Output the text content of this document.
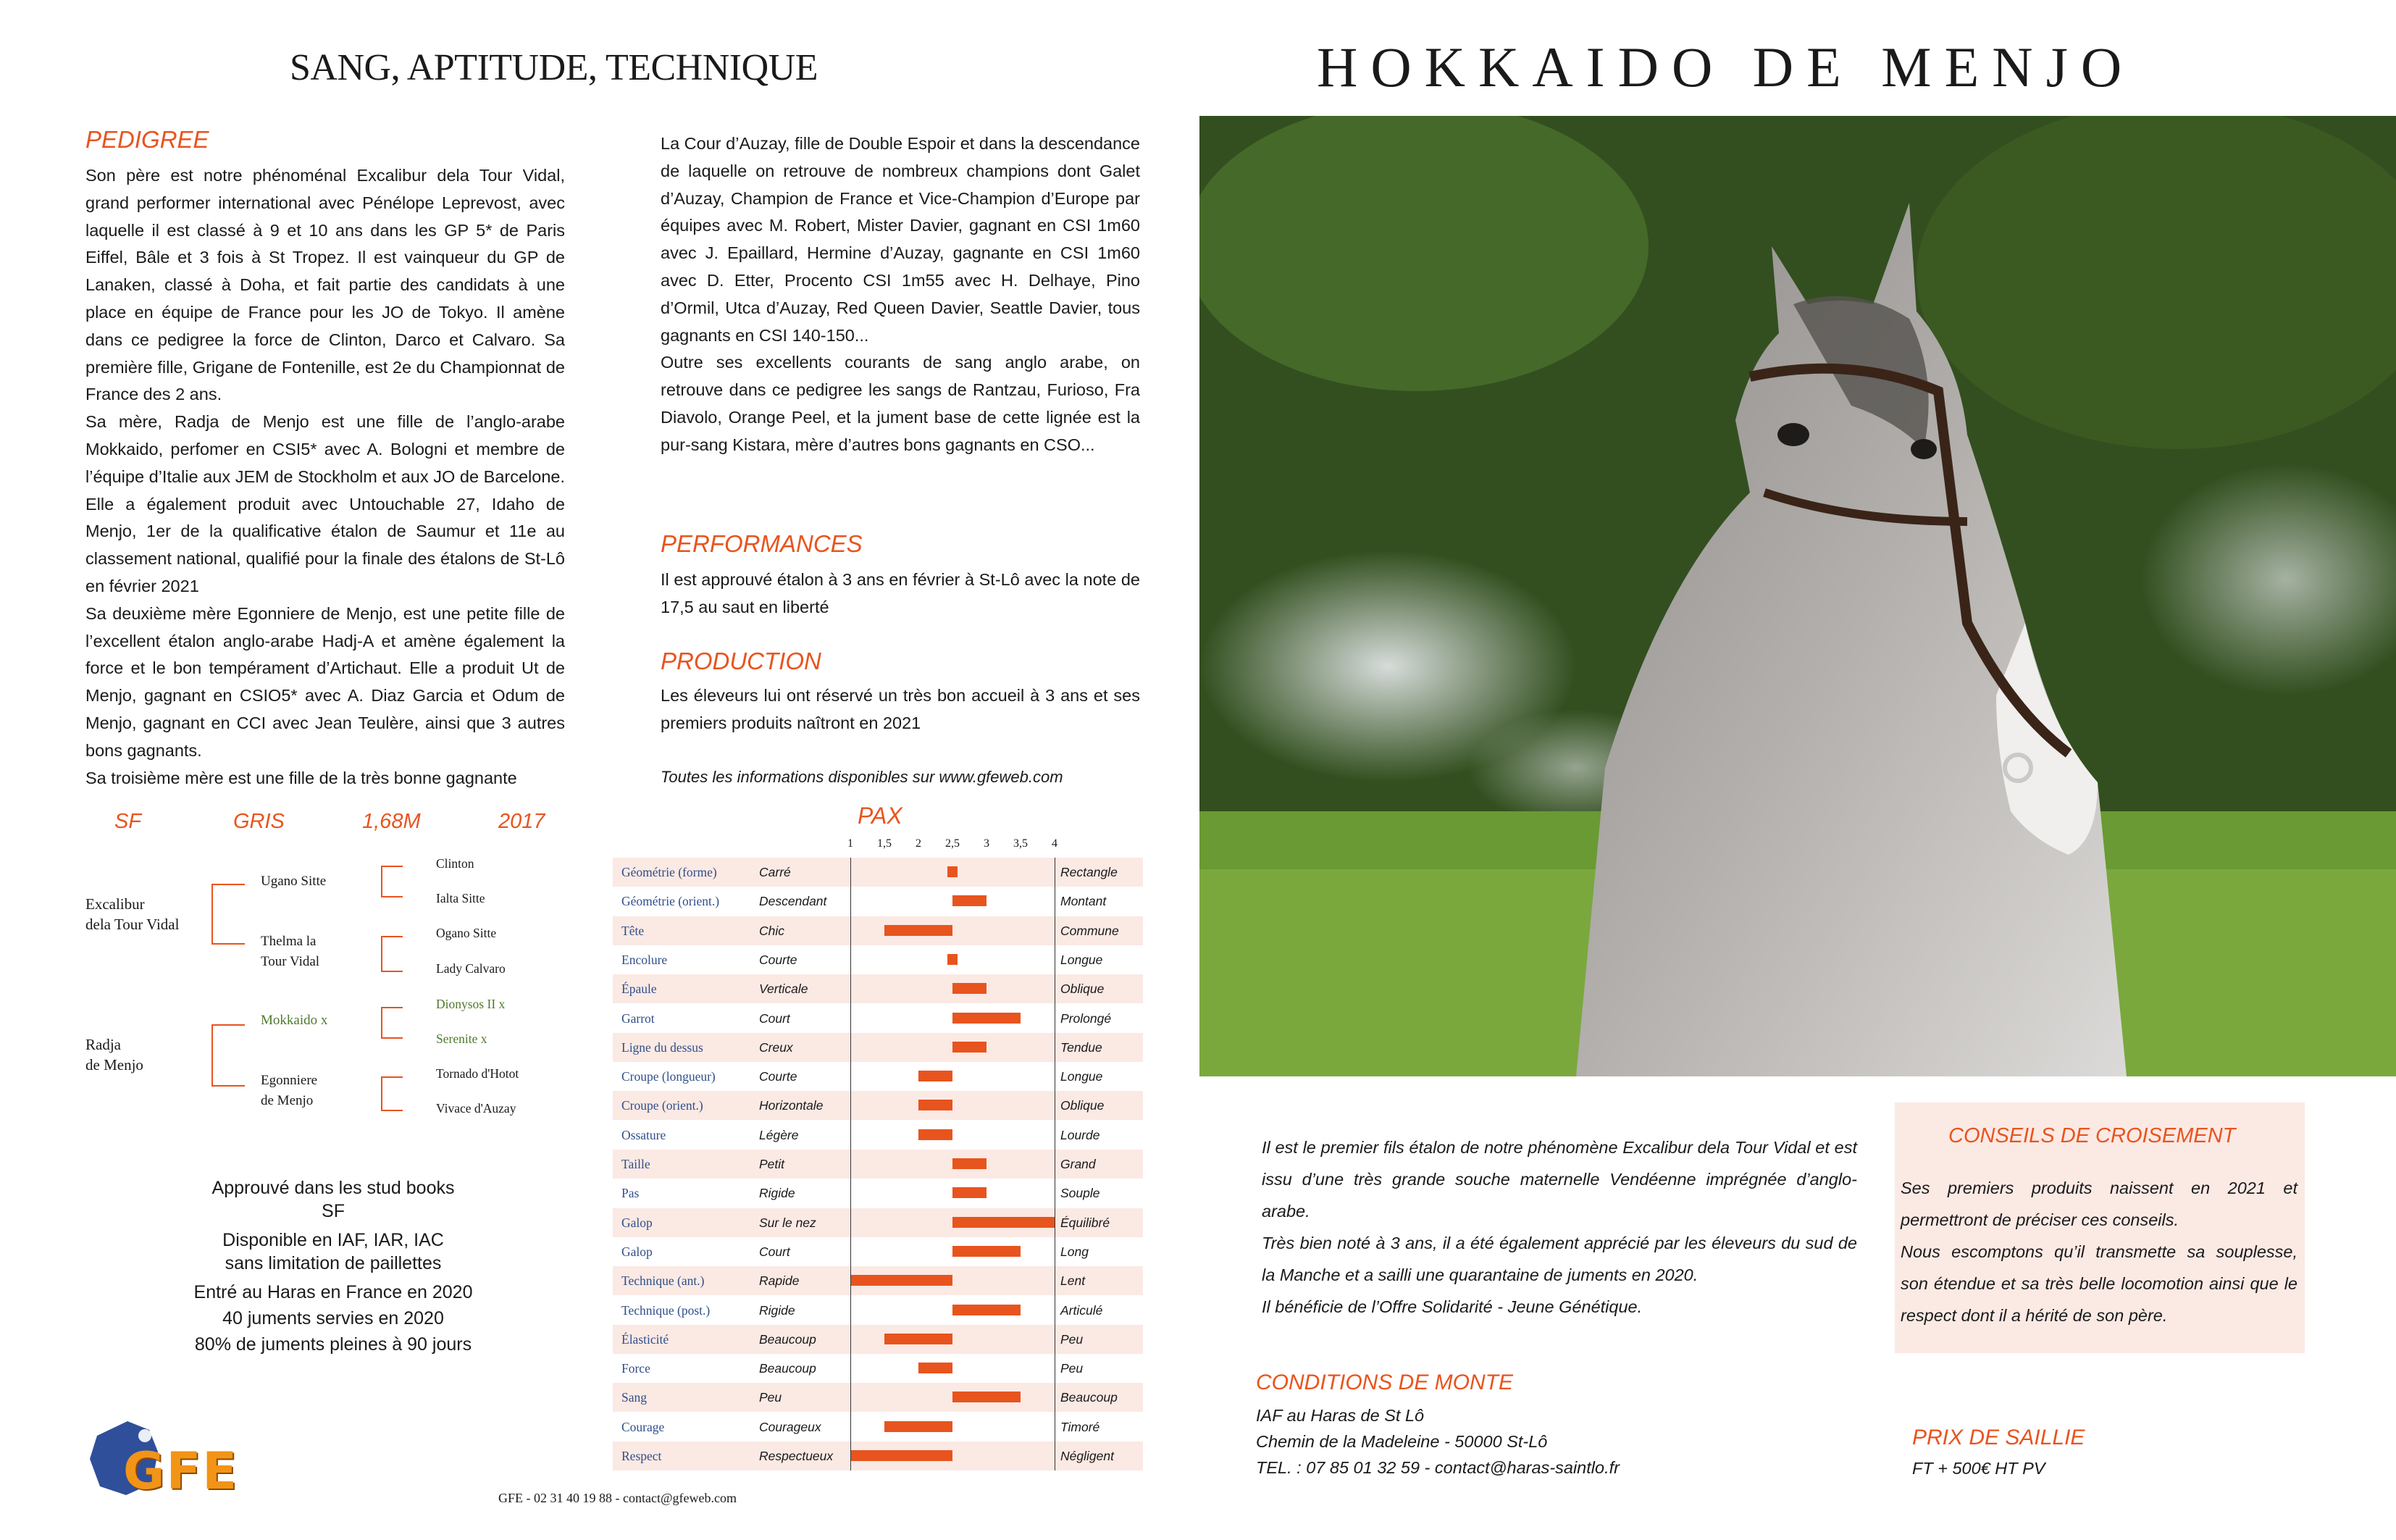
SANG, APTITUDE, TECHNIQUE
PEDIGREE

Son père est notre phénoménal Excalibur dela Tour Vidal, grand performer international avec Pénélope Leprevost, avec laquelle il est classé à 9 et 10 ans dans les GP 5* de Paris Eiffel, Bâle et 3 fois à St Tropez. Il est vainqueur du GP de Lanaken, classé à Doha, et fait partie des candidats à une place en équipe de France pour les JO de Tokyo. Il amène dans ce pedigree la force de Clinton, Darco et Calvaro. Sa première fille, Grigane de Fontenille, est 2e du Championnat de France des 2 ans.

Sa mère, Radja de Menjo est une fille de l’anglo-arabe Mokkaido, perfomer en CSI5* avec A. Bologni et membre de l’équipe d’Italie aux JEM de Stockholm et aux JO de Barcelone. Elle a également produit avec Untouchable 27, Idaho de Menjo, 1er de la qualificative étalon de Saumur et 11e au classement national, qualifié pour la finale des étalons de St-Lô en février 2021

Sa deuxième mère Egonniere de Menjo, est une petite fille de l’excellent étalon anglo-arabe Hadj-A et amène également la force et le bon tempérament d’Artichaut. Elle a produit Ut de Menjo, gagnant en CSIO5* avec A. Diaz Garcia et Odum de Menjo, gagnant en CCI avec Jean Teulère, ainsi que 3 autres bons gagnants.

Sa troisième mère est une fille de la très bonne gagnante

SF	GRIS	1,68M	2017
Excalibur
dela Tour Vidal
Radja
de Menjo
Ugano Sitte
Thelma la
Tour Vidal
Mokkaido x
Egonniere
de Menjo
Clinton
Ialta Sitte
Ogano Sitte
Lady Calvaro
Dionysos II x
Serenite x
Tornado d'Hotot
Vivace d'Auzay
Approuvé dans les stud books
SF
Disponible en IAF, IAR, IAC
sans limitation de paillettes
Entré au Haras en France en 2020
40 juments servies en 2020
80% de juments pleines à 90 jours
GFE	GFE - 02 31 40 19 88 - contact@gfeweb.com

La Cour d’Auzay, fille de Double Espoir et dans la descendance de laquelle on retrouve de nombreux champions dont Galet d’Auzay, Champion de France et Vice-Champion d’Europe par équipes avec M. Robert, Mister Davier, gagnant en CSI 1m60 avec J. Epaillard, Hermine d’Auzay, gagnante en CSI 1m60 avec D. Etter, Procento CSI 1m55 avec H. Delhaye, Pino d’Ormil, Utca d’Auzay, Red Queen Davier, Seattle Davier, tous gagnants en CSI 140-150...

Outre ses excellents courants de sang anglo arabe, on retrouve dans ce pedigree les sangs de Rantzau, Furioso, Fra Diavolo, Orange Peel, et la jument base de cette lignée est la pur-sang Kistara, mère d’autres bons gagnants en CSO...

PERFORMANCES
Il est approuvé étalon à 3 ans en février à St-Lô avec la note de 17,5 au saut en liberté
PRODUCTION
Les éleveurs lui ont réservé un très bon accueil à 3 ans et ses premiers produits naîtront en 2021
Toutes les informations disponibles sur www.gfeweb.com
PAX
1 1,5 2 2,5 3 3,5 4
Géométrie (forme)	Carré	Rectangle
Géométrie (orient.)	Descendant	Montant
Tête	Chic	Commune
Encolure	Courte	Longue
Épaule	Verticale	Oblique
Garrot	Court	Prolongé
Ligne du dessus	Creux	Tendue
Croupe (longueur)	Courte	Longue
Croupe (orient.)	Horizontale	Oblique
Ossature	Légère	Lourde
Taille	Petit	Grand
Pas	Rigide	Souple
Galop	Sur le nez	Équilibré
Galop	Court	Long
Technique (ant.)	Rapide	Lent
Technique (post.)	Rigide	Articulé
Élasticité	Beaucoup	Peu
Force	Beaucoup	Peu
Sang	Peu	Beaucoup
Courage	Courageux	Timoré
Respect	Respectueux	Négligent
HOKKAIDO DE MENJO

Il est le premier fils étalon de notre phénomène Excalibur dela Tour Vidal et est issu d’une très grande souche maternelle Vendéenne imprégnée d’anglo-arabe.

Très bien noté à 3 ans, il a été également apprécié par les éleveurs du sud de la Manche et a sailli une quarantaine de juments en 2020.

Il bénéficie de l’Offre Solidarité - Jeune Génétique.

CONSEILS DE CROISEMENT

Ses premiers produits naissent en 2021 et permettront de préciser ces conseils.

Nous escomptons qu’il transmette sa souplesse, son étendue et sa très belle locomotion ainsi que le respect dont il a hérité de son père.

CONDITIONS DE MONTE
IAF au Haras de St Lô
Chemin de la Madeleine - 50000 St-Lô
TEL. : 07 85 01 32 59 - contact@haras-saintlo.fr
PRIX DE SAILLIE
FT + 500€ HT PV
